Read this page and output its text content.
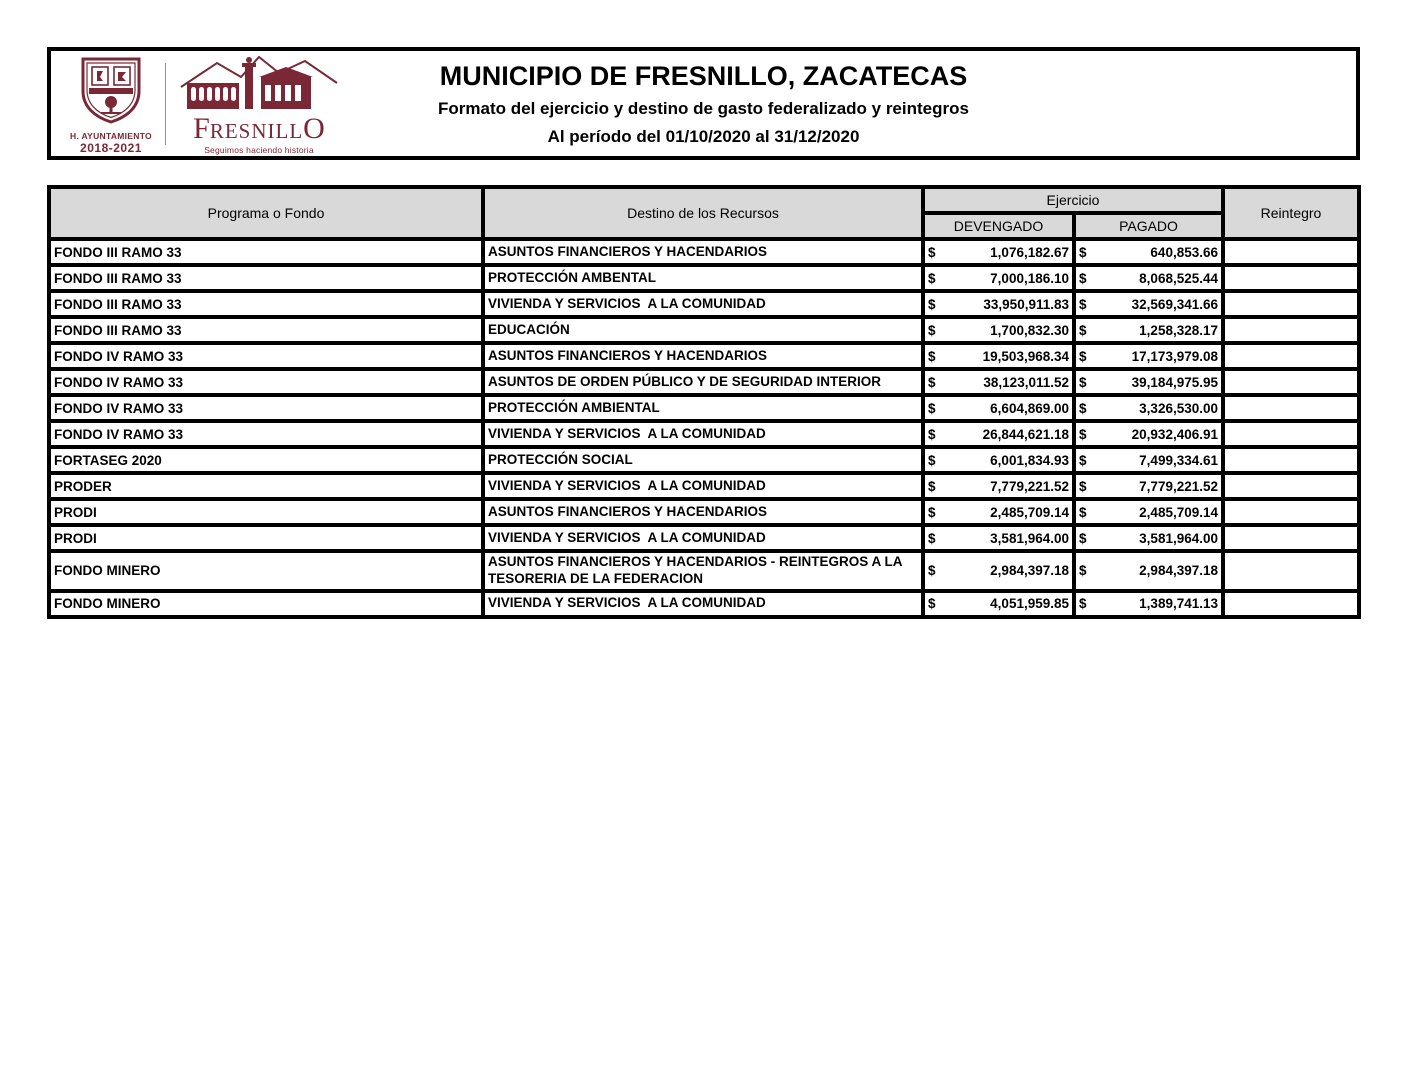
H. AYUNTAMIENTO
2018-2021
FRESNILLO
Seguimos haciendo historia
MUNICIPIO DE FRESNILLO, ZACATECAS
Formato del ejercicio y destino de gasto federalizado y reintegros
Al período del 01/10/2020 al 31/12/2020
Programa o Fondo	Destino de los Recursos	Ejercicio		Reintegro
		DEVENGADO	PAGADO	
FONDO III RAMO 33	ASUNTOS FINANCIEROS Y HACENDARIOS	$ 1,076,182.67	$ 640,853.66	

FONDO III RAMO 33	PROTECCIÓN AMBENTAL	$ 7,000,186.10	$ 8,068,525.44	

FONDO III RAMO 33	VIVIENDA Y SERVICIOS  A LA COMUNIDAD	$ 33,950,911.83	$ 32,569,341.66	

FONDO III RAMO 33	EDUCACIÓN	$ 1,700,832.30	$ 1,258,328.17	

FONDO IV RAMO 33	ASUNTOS FINANCIEROS Y HACENDARIOS	$ 19,503,968.34	$ 17,173,979.08	

FONDO IV RAMO 33	ASUNTOS DE ORDEN PÚBLICO Y DE SEGURIDAD INTERIOR	$ 38,123,011.52	$ 39,184,975.95	

FONDO IV RAMO 33	PROTECCIÓN AMBIENTAL	$ 6,604,869.00	$ 3,326,530.00	

FONDO IV RAMO 33	VIVIENDA Y SERVICIOS  A LA COMUNIDAD	$ 26,844,621.18	$ 20,932,406.91	

FORTASEG 2020	PROTECCIÓN SOCIAL	$ 6,001,834.93	$ 7,499,334.61	

PRODER	VIVIENDA Y SERVICIOS  A LA COMUNIDAD	$ 7,779,221.52	$ 7,779,221.52	

PRODI	ASUNTOS FINANCIEROS Y HACENDARIOS	$ 2,485,709.14	$ 2,485,709.14	

PRODI	VIVIENDA Y SERVICIOS  A LA COMUNIDAD	$ 3,581,964.00	$ 3,581,964.00	

FONDO MINERO	ASUNTOS FINANCIEROS Y HACENDARIOS - REINTEGROS A LA TESORERIA DE LA FEDERACION	$ 2,984,397.18	$ 2,984,397.18	

FONDO MINERO	VIVIENDA Y SERVICIOS  A LA COMUNIDAD	$ 4,051,959.85	$ 1,389,741.13	
